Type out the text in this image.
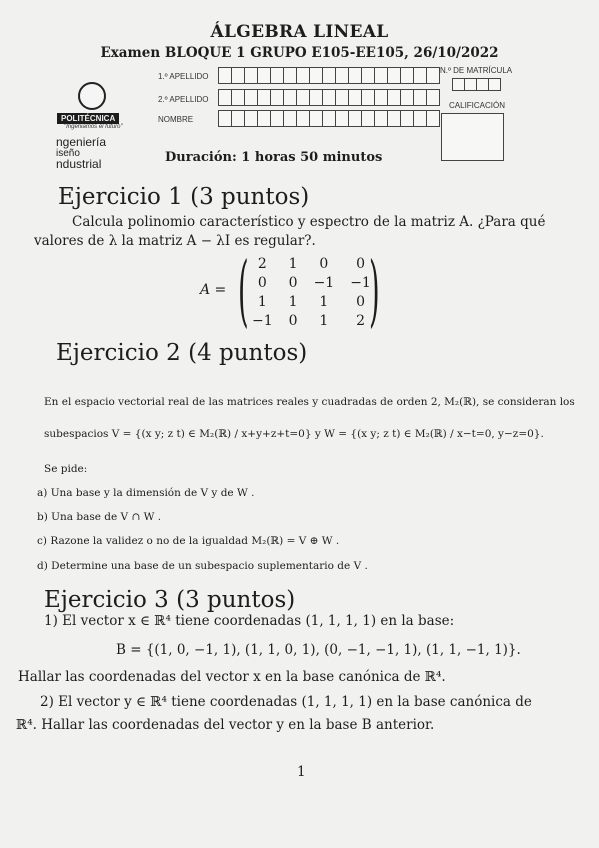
ÁLGEBRA LINEAL
Examen BLOQUE 1 GRUPO E105-EE105, 26/10/2022
POLITÉCNICA
"Ingeniamos el futuro"
ngeniería
iseño
ndustrial
1.º APELLIDO
2.º APELLIDO
NOMBRE
N.º DE MATRÍCULA
CALIFICACIÓN
Duración: 1 horas 50 minutos
Ejercicio 1 (3 puntos)
Calcula polinomio característico y espectro de la matriz A. ¿Para qué
valores de λ la matriz A − λI es regular?.
A = ( 2	1	0	0
0	0	−1	−1
1	1	1	0
−1	0	1	2 )
Ejercicio 2 (4 puntos)
En el espacio vectorial real de las matrices reales y cuadradas de orden 2, M₂(ℝ), se consideran los
subespacios V = {(x y; z t) ∈ M₂(ℝ) / x+y+z+t=0} y W = {(x y; z t) ∈ M₂(ℝ) / x−t=0, y−z=0}.
Se pide:
a) Una base y la dimensión de V y de W .
b) Una base de V ∩ W .
c) Razone la validez o no de la igualdad M₂(ℝ) = V ⊕ W .
d) Determine una base de un subespacio suplementario de V .
Ejercicio 3 (3 puntos)
1) El vector x ∈ ℝ⁴ tiene coordenadas (1, 1, 1, 1) en la base:
B = {(1, 0, −1, 1), (1, 1, 0, 1), (0, −1, −1, 1), (1, 1, −1, 1)}.
Hallar las coordenadas del vector x en la base canónica de ℝ⁴.
2) El vector y ∈ ℝ⁴ tiene coordenadas (1, 1, 1, 1) en la base canónica de
ℝ⁴. Hallar las coordenadas del vector y en la base B anterior.
1
